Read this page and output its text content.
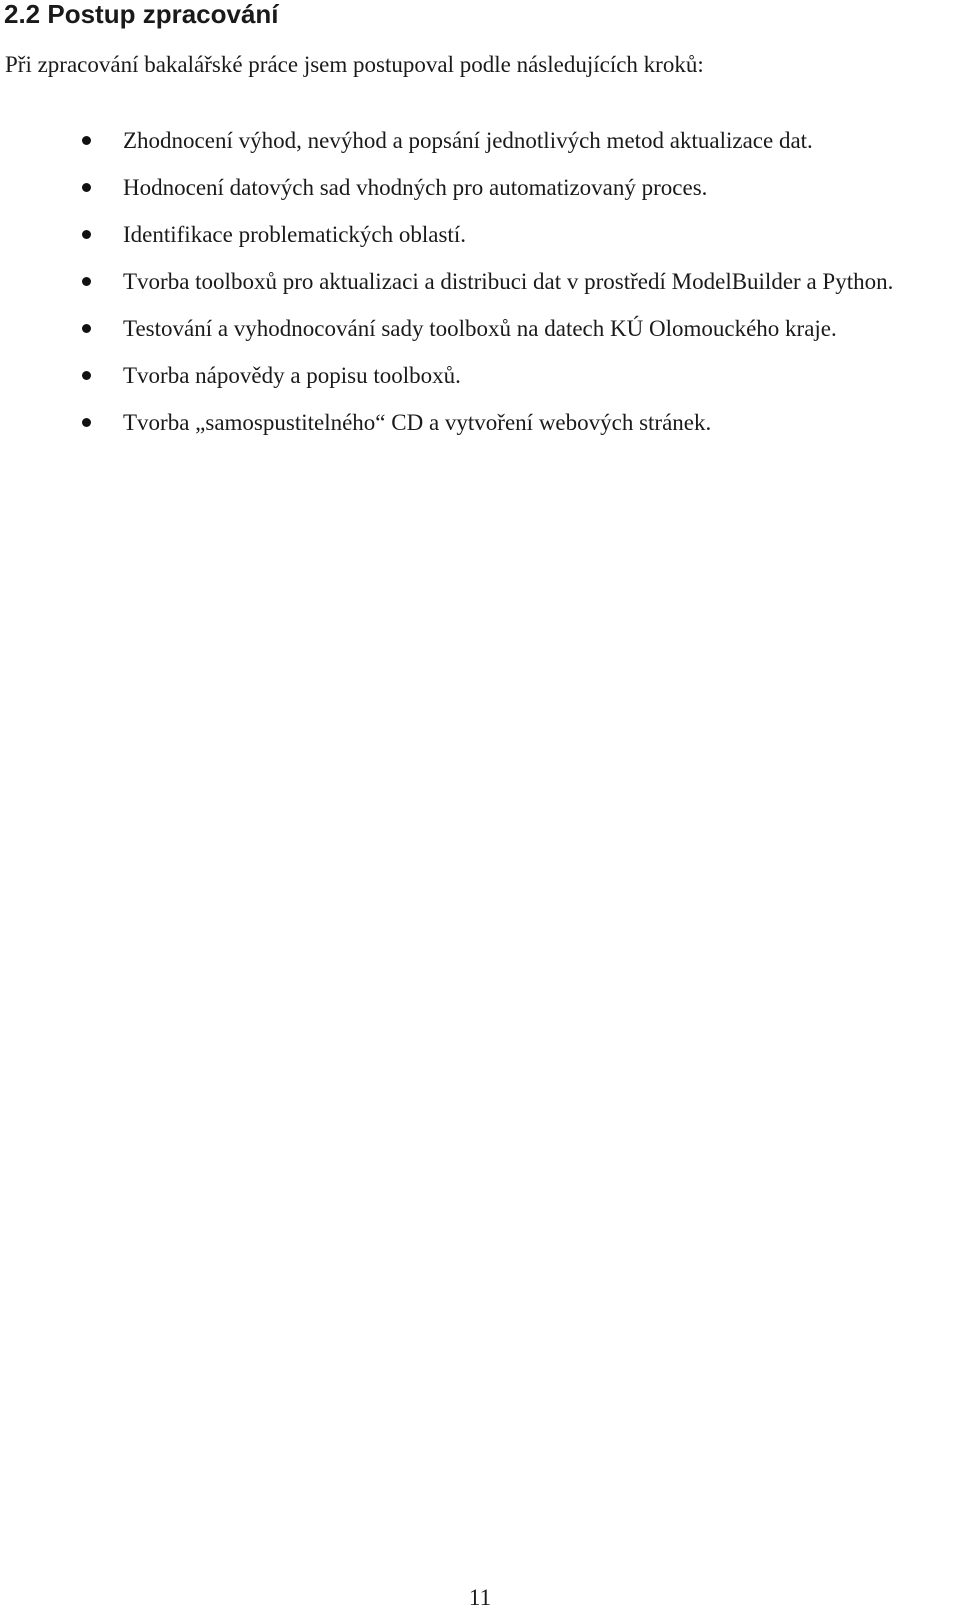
2.2 Postup zpracování

Při zpracování bakalářské práce jsem postupoval podle následujících kroků:

Zhodnocení výhod, nevýhod a popsání jednotlivých metod aktualizace dat.
Hodnocení datových sad vhodných pro automatizovaný proces.
Identifikace problematických oblastí.
Tvorba toolboxů pro aktualizaci a distribuci dat v prostředí ModelBuilder a Python.
Testování a vyhodnocování sady toolboxů na datech KÚ Olomouckého kraje.
Tvorba nápovědy a popisu toolboxů.
Tvorba „samospustitelného“ CD a vytvoření webových stránek.

11
